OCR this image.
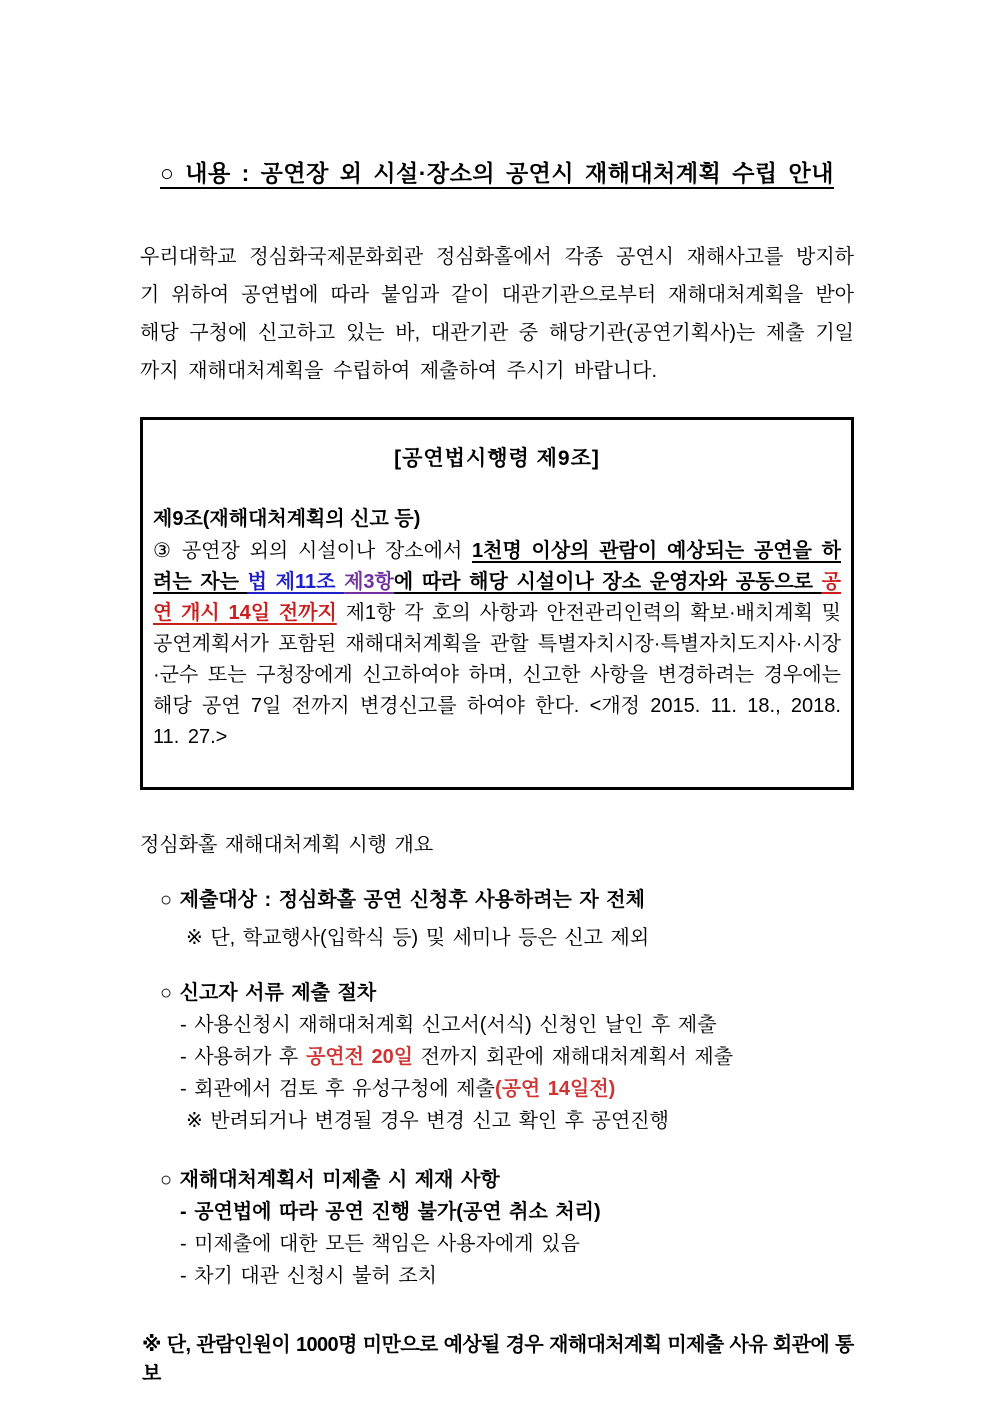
○ 내용 : 공연장 외 시설·장소의 공연시 재해대처계획 수립 안내

우리대학교 정심화국제문화회관 정심화홀에서 각종 공연시 재해사고를 방지하기 위하여 공연법에 따라 붙임과 같이 대관기관으로부터 재해대처계획을 받아 해당 구청에 신고하고 있는 바, 대관기관 중 해당기관(공연기획사)는 제출 기일까지 재해대처계획을 수립하여 제출하여 주시기 바랍니다.

[공연법시행령 제9조]
제9조(재해대처계획의 신고 등)

③ 공연장 외의 시설이나 장소에서 1천명 이상의 관람이 예상되는 공연을 하려는 자는 법 제11조 제3항에 따라 해당 시설이나 장소 운영자와 공동으로 공연 개시 14일 전까지 제1항 각 호의 사항과 안전관리인력의 확보·배치계획 및 공연계획서가 포함된 재해대처계획을 관할 특별자치시장·특별자치도지사·시장·군수 또는 구청장에게 신고하여야 하며, 신고한 사항을 변경하려는 경우에는 해당 공연 7일 전까지 변경신고를 하여야 한다. <개정 2015. 11. 18., 2018. 11. 27.>

정심화홀 재해대처계획 시행 개요
○ 제출대상 : 정심화홀 공연 신청후 사용하려는 자 전체
※ 단, 학교행사(입학식 등) 및 세미나 등은 신고 제외
○ 신고자 서류 제출 절차
- 사용신청시 재해대처계획 신고서(서식) 신청인 날인 후 제출
- 사용허가 후 공연전 20일 전까지 회관에 재해대처계획서 제출
- 회관에서 검토 후 유성구청에 제출(공연 14일전)
※ 반려되거나 변경될 경우 변경 신고 확인 후 공연진행
○ 재해대처계획서 미제출 시 제재 사항
- 공연법에 따라 공연 진행 불가(공연 취소 처리)
- 미제출에 대한 모든 책임은 사용자에게 있음
- 차기 대관 신청시 불허 조치
※ 단, 관람인원이 1000명 미만으로 예상될 경우 재해대처계획 미제출 사유 회관에 통보
